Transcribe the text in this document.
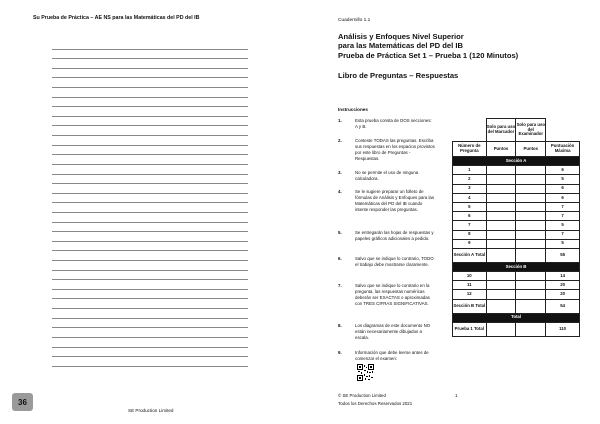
Su Prueba de Práctica – AE NS para las Matemáticas del PD del IB
36
SE Production Limited
Cuadernillo 1.1
Análisis y Enfoques Nivel Superior
para las Matemáticas del PD del IB
Prueba de Práctica Set 1 – Prueba 1 (120 Minutos)
Libro de Preguntas – Respuestas
Instrucciones
1.	Esta prueba consta de DOS secciones: A y B.
2.	Conteste TODAS las preguntas. Escriba sus respuestas en los espacios provistos por este libro de Preguntas - Respuestas.
3.	No se permite el uso de ninguna calculadora.
4.	Se le sugiere preparar un folleto de fórmulas de Análisis y Enfoques para las Matemáticas del PD del IB cuando intente responder las preguntas.
5.	Se entregarán las hojas de respuestas y papeles gráficos adicionales a pedido.
6.	Salvo que se indique lo contrario, TODO el trabajo debe mostrarse claramente.
7.	Salvo que se indique lo contrario en la pregunta, las respuestas numéricas deberán ser EXACTAS o aproximadas con TRES CIFRAS SIGNIFICATIVAS.
8.	Los diagramas de este documento NO están necesariamente dibujados a escala.
9.	Información que debe leerse antes de comenzar el examen:
© SE Production Limited
Todos los Derechos Reservados 2021
1
	Solo para uso del Marcador	Solo para uso del Examinador	
Número de Pregunta	Puntos	Puntos	Puntuación Máxima
Sección A			
1			6
2			5
3			6
4			6
5			7
6			7
7			5
8			7
9			5
Sección A Total			55
Sección B			
10			14
11			20
12			20
Sección B Total			54
Total			
Prueba 1 Total			110
